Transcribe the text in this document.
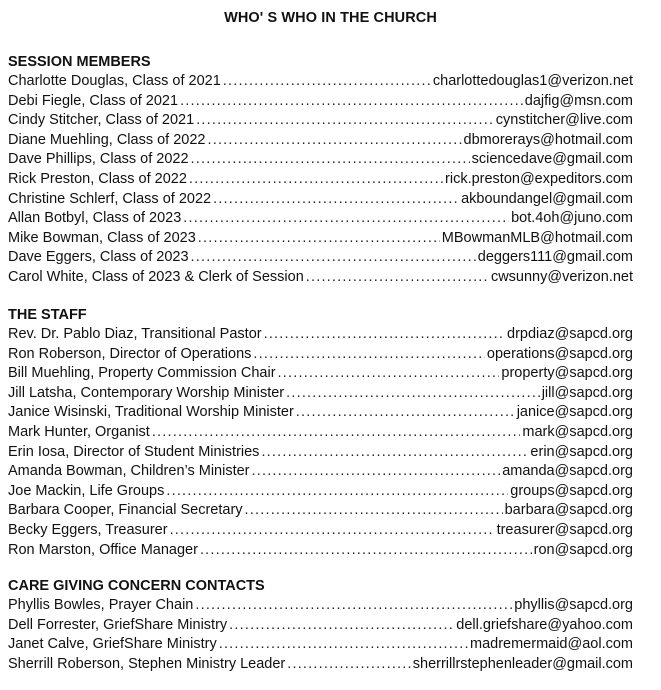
WHO' S WHO IN THE CHURCH
SESSION MEMBERS
Charlotte Douglas, Class of 2021 .....	charlottedouglas1@verizon.net
Debi Fiegle, Class of 2021 .....	dajfig@msn.com
Cindy Stitcher, Class of 2021 .....	cynstitcher@live.com
Diane Muehling, Class of 2022 .....	dbmorerays@hotmail.com
Dave Phillips, Class of 2022 .....	sciencedave@gmail.com
Rick Preston, Class of 2022 .....	rick.preston@expeditors.com
Christine Schlerf, Class of 2022 .....	akboundangel@gmail.com
Allan Botbyl, Class of 2023 .....	bot.4oh@juno.com
Mike Bowman, Class of 2023 .....	MBowmanMLB@hotmail.com
Dave Eggers, Class of 2023 .....	deggers111@gmail.com
Carol White, Class of 2023 & Clerk of Session .....	cwsunny@verizon.net
THE STAFF
Rev. Dr. Pablo Diaz, Transitional Pastor .....	drpdiaz@sapcd.org
Ron Roberson, Director of Operations .....	operations@sapcd.org
Bill Muehling, Property Commission Chair .....	property@sapcd.org
Jill Latsha, Contemporary Worship Minister .....	jill@sapcd.org
Janice Wisinski, Traditional Worship Minister .....	janice@sapcd.org
Mark Hunter, Organist .....	mark@sapcd.org
Erin Iosa, Director of Student Ministries .....	erin@sapcd.org
Amanda Bowman, Children’s Minister .....	amanda@sapcd.org
Joe Mackin, Life Groups .....	groups@sapcd.org
Barbara Cooper, Financial Secretary .....	barbara@sapcd.org
Becky Eggers, Treasurer .....	treasurer@sapcd.org
Ron Marston, Office Manager .....	ron@sapcd.org
CARE GIVING CONCERN CONTACTS
Phyllis Bowles, Prayer Chain .....	phyllis@sapcd.org
Dell Forrester, GriefShare Ministry .....	dell.griefshare@yahoo.com
Janet Calve, GriefShare Ministry .....	madremermaid@aol.com
Sherrill Roberson, Stephen Ministry Leader .....	sherrillrstephenleader@gmail.com
